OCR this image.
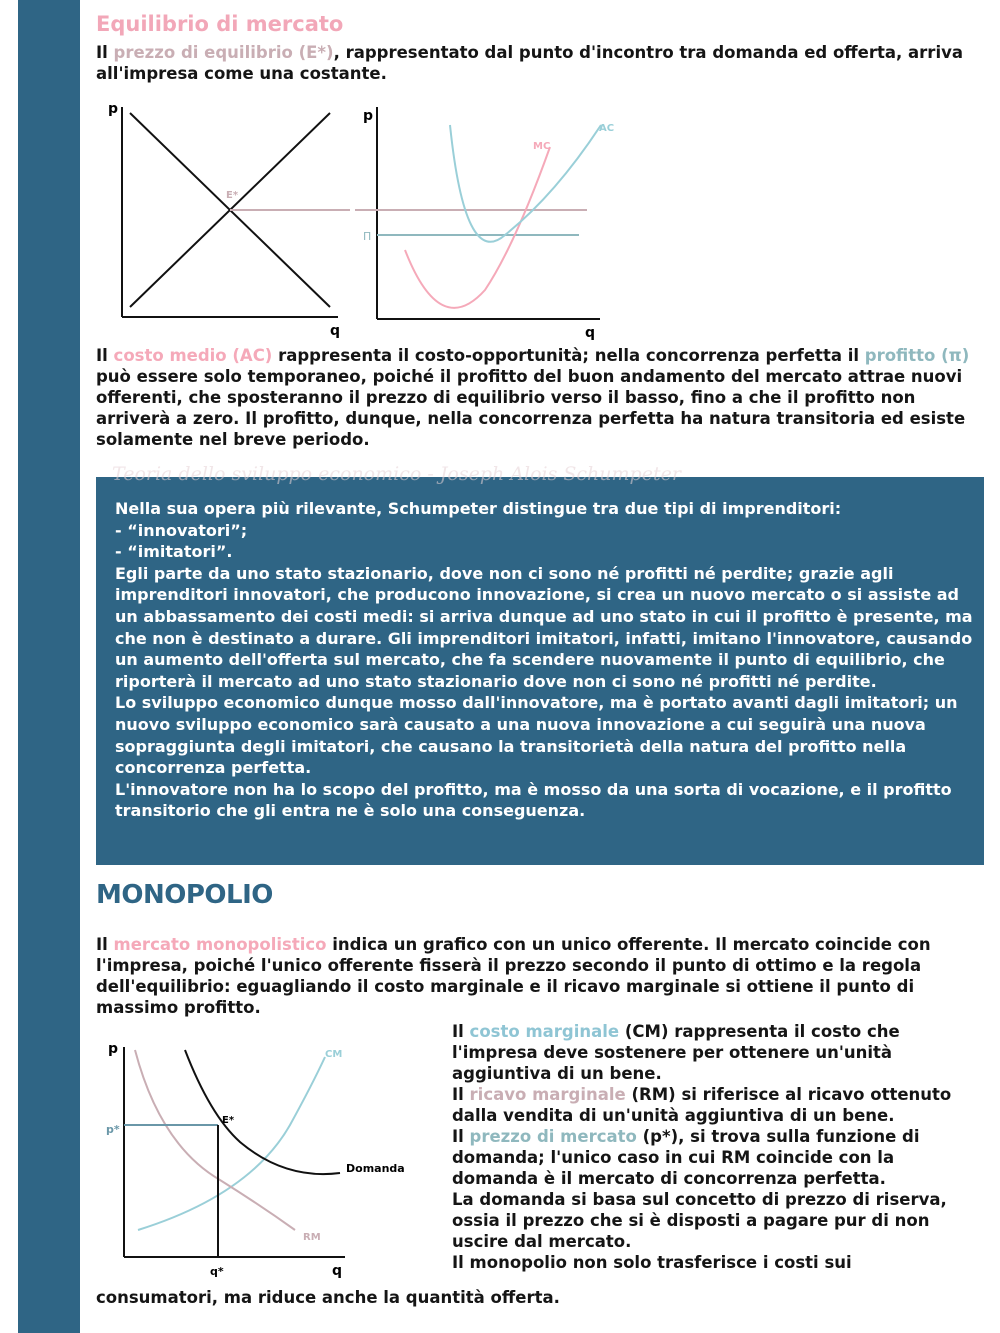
Equilibrio di mercato

Il prezzo di equilibrio (E*), rappresentato dal punto d'incontro tra domanda ed offerta, arriva all'impresa come una costante.

p
q
E*
p
q
Π
MC
AC

Il costo medio (AC) rappresenta il costo-opportunità; nella concorrenza perfetta il profitto (π) può essere solo temporaneo, poiché il profitto del buon andamento del mercato attrae nuovi offerenti, che sposteranno il prezzo di equilibrio verso il basso, fino a che il profitto non arriverà a zero. Il profitto, dunque, nella concorrenza perfetta ha natura transitoria ed esiste solamente nel breve periodo.

Teoria dello sviluppo economico - Joseph Alois Schumpeter

Nella sua opera più rilevante, Schumpeter distingue tra due tipi di imprenditori:

- “innovatori”;

- “imitatori”.

Egli parte da uno stato stazionario, dove non ci sono né profitti né perdite; grazie agli imprenditori innovatori, che producono innovazione, si crea un nuovo mercato o si assiste ad un abbassamento dei costi medi: si arriva dunque ad uno stato in cui il profitto è presente, ma che non è destinato a durare. Gli imprenditori imitatori, infatti, imitano l'innovatore, causando un aumento dell'offerta sul mercato, che fa scendere nuovamente il punto di equilibrio, che riporterà il mercato ad uno stato stazionario dove non ci sono né profitti né perdite.

Lo sviluppo economico dunque mosso dall'innovatore, ma è portato avanti dagli imitatori; un nuovo sviluppo economico sarà causato a una nuova innovazione a cui seguirà una nuova sopraggiunta degli imitatori, che causano la transitorietà della natura del profitto nella concorrenza perfetta.

L'innovatore non ha lo scopo del profitto, ma è mosso da una sorta di vocazione, e il profitto transitorio che gli entra ne è solo una conseguenza.

MONOPOLIO

Il mercato monopolistico indica un grafico con un unico offerente. Il mercato coincide con l'impresa, poiché l'unico offerente fisserà il prezzo secondo il punto di ottimo e la regola dell'equilibrio: eguagliando il costo marginale e il ricavo marginale si ottiene il punto di massimo profitto.

p
q
p*
q*
E*
CM
RM
Domanda

Il costo marginale (CM) rappresenta il costo che l'impresa deve sostenere per ottenere un'unità aggiuntiva di un bene.

Il ricavo marginale (RM) si riferisce al ricavo ottenuto dalla vendita di un'unità aggiuntiva di un bene.

Il prezzo di mercato (p*), si trova sulla funzione di domanda; l'unico caso in cui RM coincide con la domanda è il mercato di concorrenza perfetta.

La domanda si basa sul concetto di prezzo di riserva, ossia il prezzo che si è disposti a pagare pur di non uscire dal mercato.

Il monopolio non solo trasferisce i costi sui

consumatori, ma riduce anche la quantità offerta.
